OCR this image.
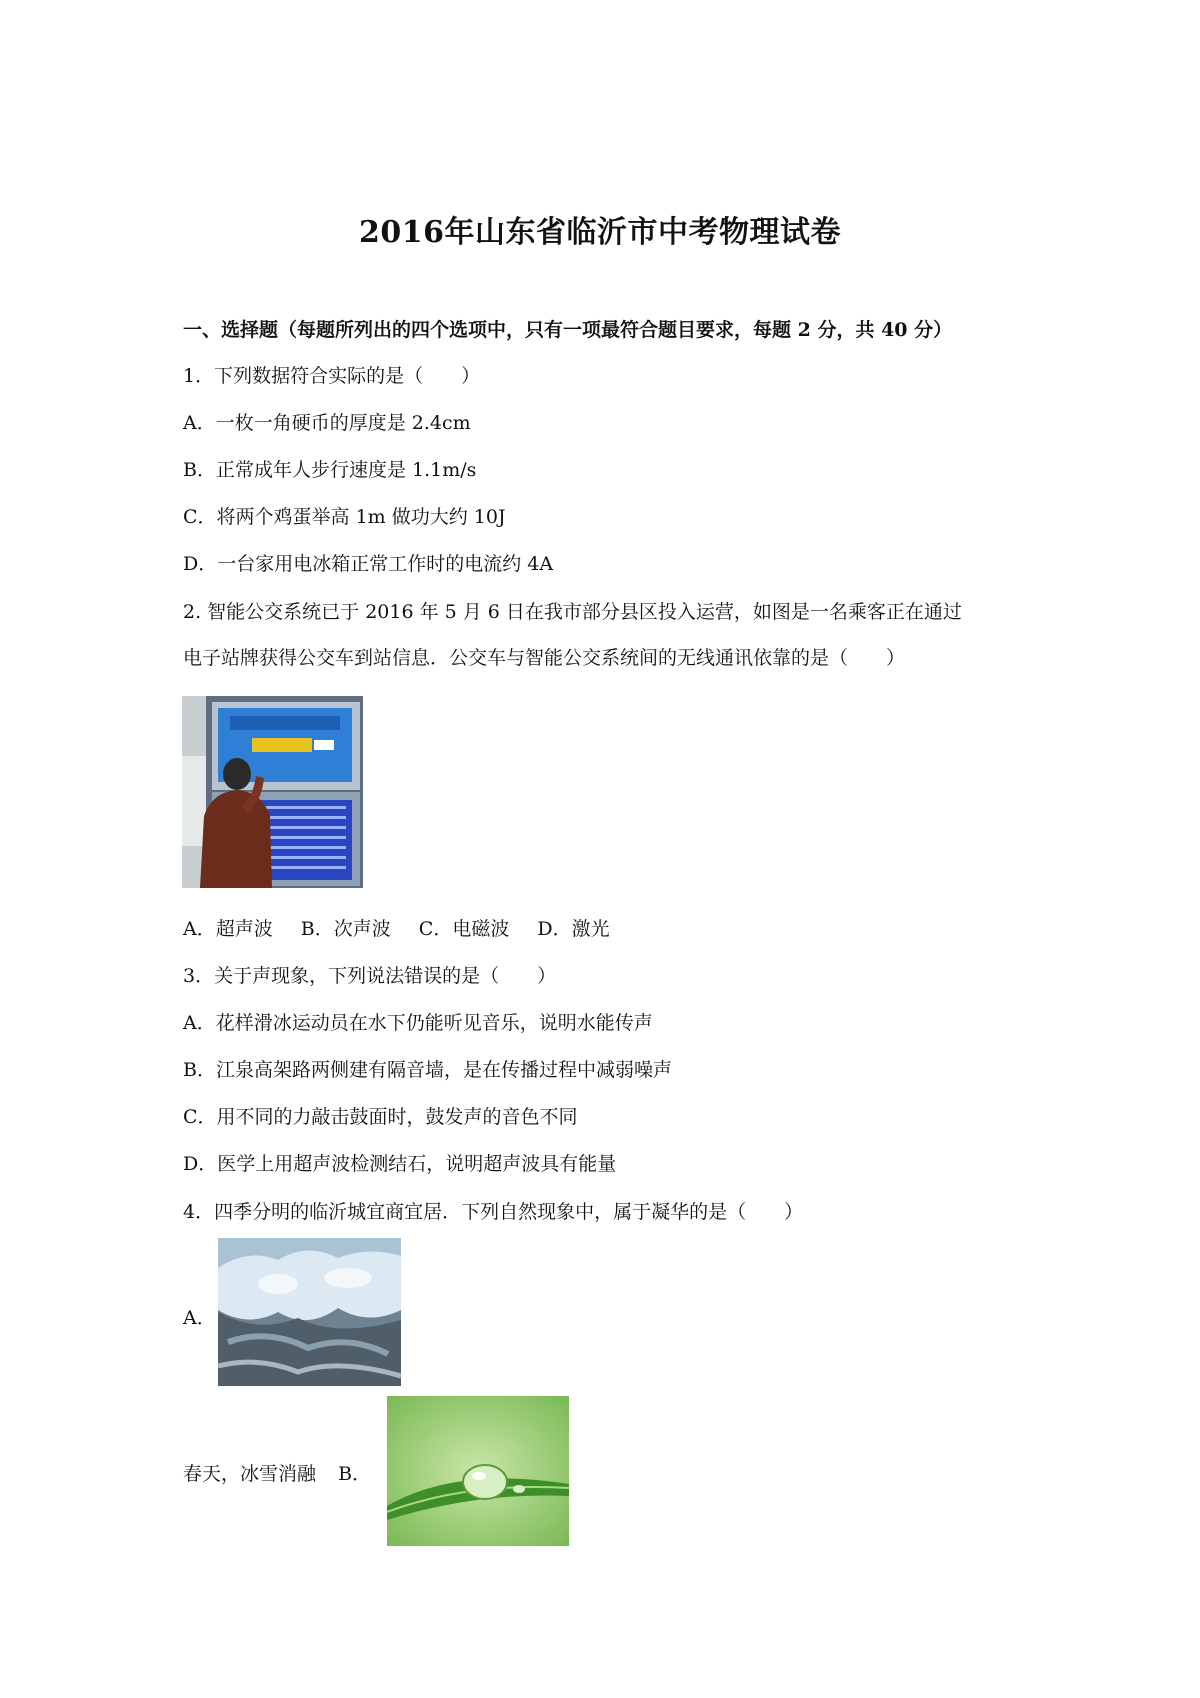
2016年山东省临沂市中考物理试卷
一、选择题（每题所列出的四个选项中，只有一项最符合题目要求，每题 2 分，共 40 分）
1．下列数据符合实际的是（　　）
A．一枚一角硬币的厚度是 2.4cm
B．正常成年人步行速度是 1.1m/s
C．将两个鸡蛋举高 1m 做功大约 10J
D．一台家用电冰箱正常工作时的电流约 4A
2. 智能公交系统已于 2016 年 5 月 6 日在我市部分县区投入运营，如图是一名乘客正在通过
电子站牌获得公交车到站信息．公交车与智能公交系统间的无线通讯依靠的是（　　）
A．超声波 B．次声波 C．电磁波 D．激光
3．关于声现象，下列说法错误的是（　　）
A．花样滑冰运动员在水下仍能听见音乐，说明水能传声
B．江泉高架路两侧建有隔音墙，是在传播过程中减弱噪声
C．用不同的力敲击鼓面时，鼓发声的音色不同
D．医学上用超声波检测结石，说明超声波具有能量
4．四季分明的临沂城宜商宜居．下列自然现象中，属于凝华的是（　　）
A．
春天，冰雪消融 B．
